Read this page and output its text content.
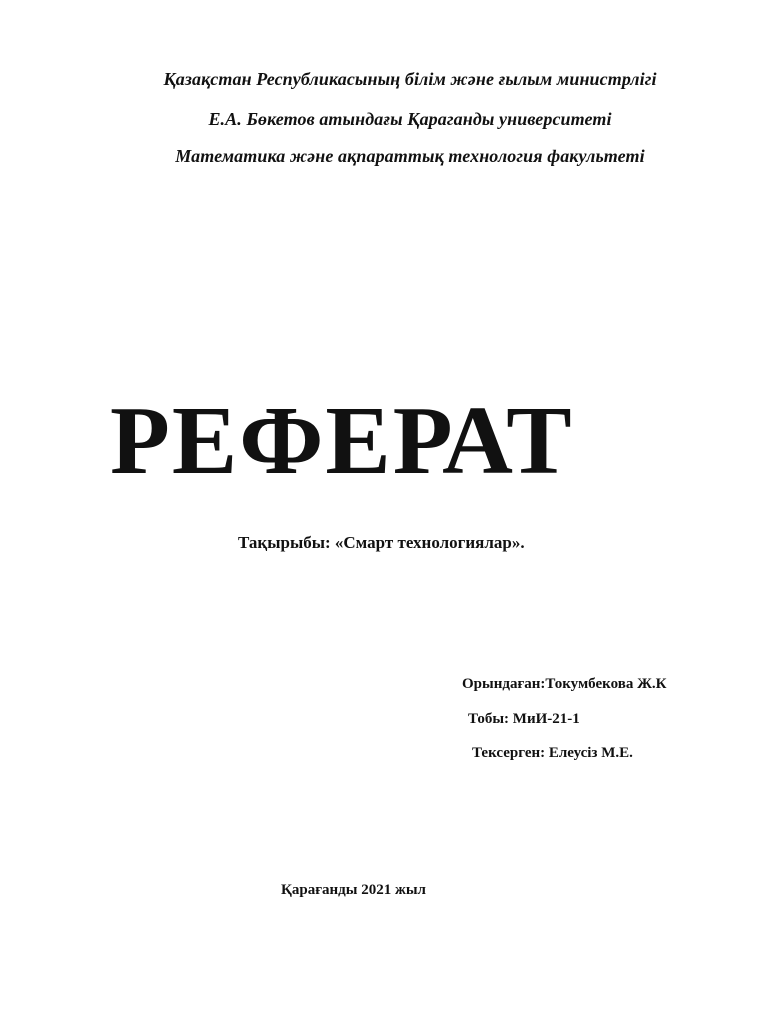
Қазақстан Республикасының білім және ғылым министрлігі
Е.А. Бөкетов атындағы Қараганды университеті
Математика және ақпараттық технология факультеті
РЕФЕРАТ
Тақырыбы: «Смарт технологиялар».
Орындаған:Токумбекова Ж.К
Тобы: МиИ-21-1
Тексерген: Елеусіз М.Е.
Қарағанды 2021 жыл
